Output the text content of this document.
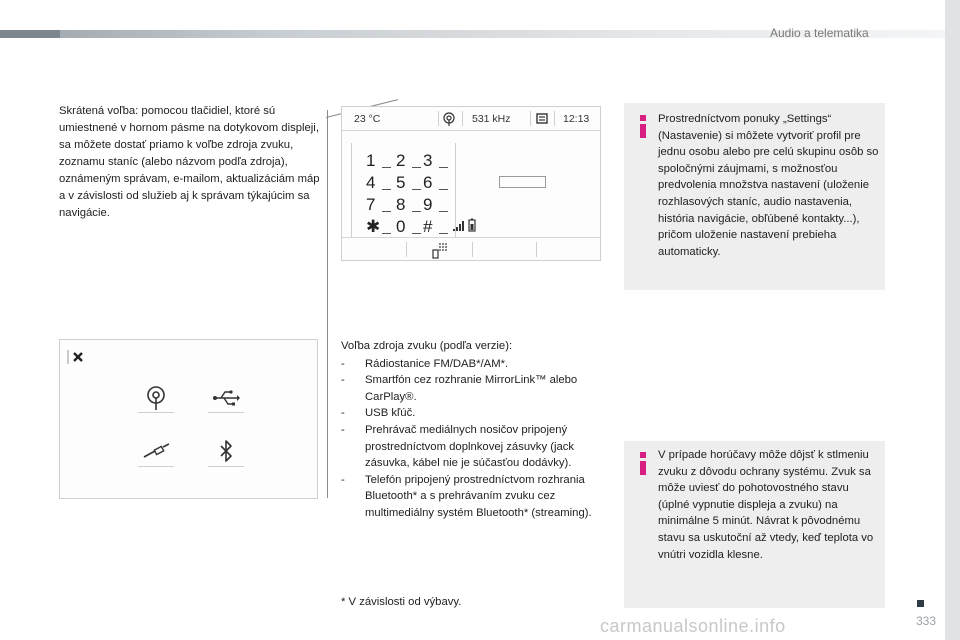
Audio a telematika

Skrátená voľba: pomocou tlačidiel, ktoré sú umiestnené v hornom pásme na dotykovom displeji, sa môžete dostať priamo k voľbe zdroja zvuku, zoznamu staníc (alebo názvom podľa zdroja), oznámeným správam, e-mailom, aktualizáciám máp a v závislosti od služieb aj k správam týkajúcim sa navigácie.

23 °C	531 kHz	12:13
1 2 3
4 5 6
7 8 9
✱ 0 #

Prostredníctvom ponuky „Settings“ (Nastavenie) si môžete vytvoriť profil pre jednu osobu alebo pre celú skupinu osôb so spoločnými záujmami, s možnosťou predvolenia množstva nastavení (uloženie rozhlasových staníc, audio nastavenia, história navigácie, obľúbené kontakty...), pričom uloženie nastavení prebieha automaticky.

Voľba zdroja zvuku (podľa verzie):
- Rádiostanice FM/DAB*/AM*.
- Smartfón cez rozhranie MirrorLink™ alebo CarPlay®.
- USB kľúč.
- Prehrávač mediálnych nosičov pripojený prostredníctvom doplnkovej zásuvky (jack zásuvka, kábel nie je súčasťou dodávky).
- Telefón pripojený prostredníctvom rozhrania Bluetooth* a s prehrávaním zvuku cez multimediálny systém Bluetooth* (streaming).

V prípade horúčavy môže dôjsť k stlmeniu zvuku z dôvodu ochrany systému. Zvuk sa môže uviesť do pohotovostného stavu (úplné vypnutie displeja a zvuku) na minimálne 5 minút. Návrat k pôvodnému stavu sa uskutoční až vtedy, keď teplota vo vnútri vozidla klesne.

* V závislosti od výbavy.
carmanualsonline.info	333
